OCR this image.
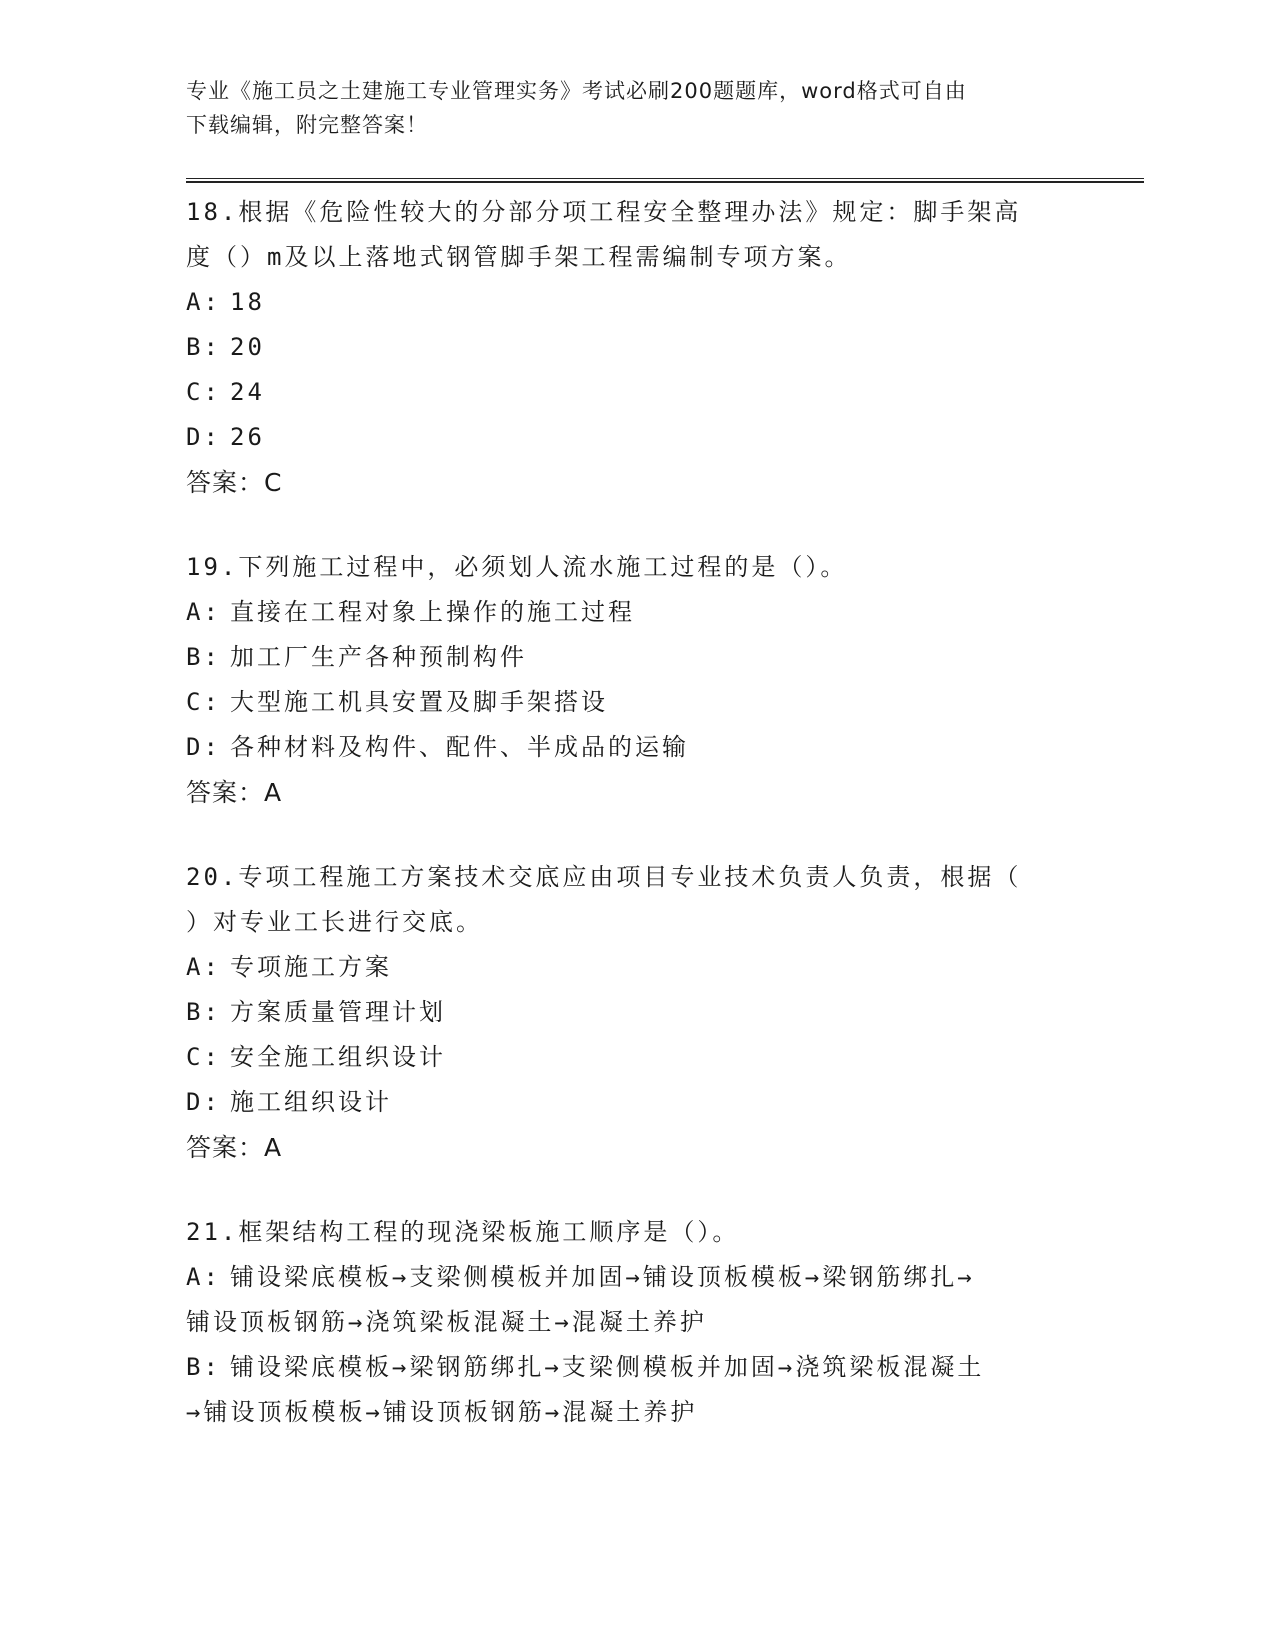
专业《施工员之土建施工专业管理实务》考试必刷200题题库，word格式可自由
下载编辑，附完整答案！

18.根据《危险性较大的分部分项工程安全整理办法》规定：脚手架高

度（）m及以上落地式钢管脚手架工程需编制专项方案。

A: 18

B: 20

C: 24

D: 26

答案：C

19.下列施工过程中，必须划人流水施工过程的是（）。

A: 直接在工程对象上操作的施工过程

B: 加工厂生产各种预制构件

C: 大型施工机具安置及脚手架搭设

D: 各种材料及构件、配件、半成品的运输

答案：A

20.专项工程施工方案技术交底应由项目专业技术负责人负责，根据（

）对专业工长进行交底。

A: 专项施工方案

B: 方案质量管理计划

C: 安全施工组织设计

D: 施工组织设计

答案：A

21.框架结构工程的现浇梁板施工顺序是（）。

A: 铺设梁底模板→支梁侧模板并加固→铺设顶板模板→梁钢筋绑扎→

铺设顶板钢筋→浇筑梁板混凝土→混凝土养护

B: 铺设梁底模板→梁钢筋绑扎→支梁侧模板并加固→浇筑梁板混凝土

→铺设顶板模板→铺设顶板钢筋→混凝土养护
